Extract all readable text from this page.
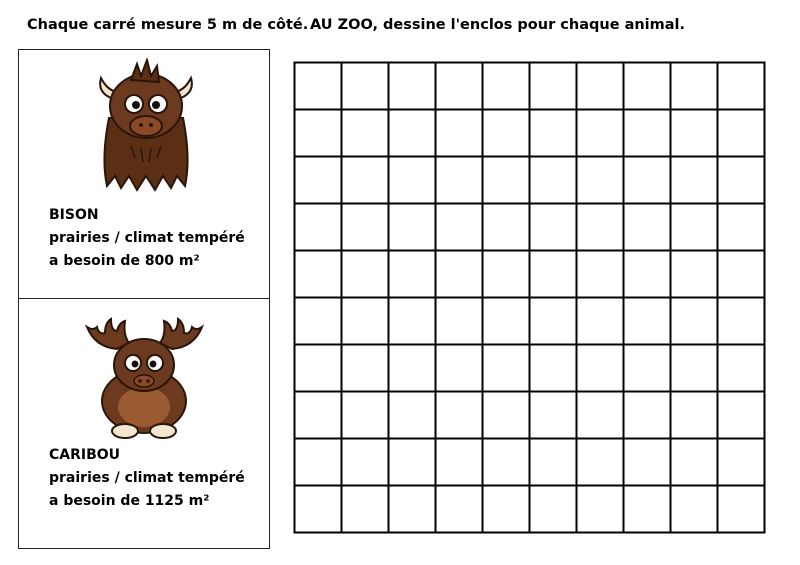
Chaque carré mesure 5 m de côté. AU ZOO, dessine l'enclos pour chaque animal.
BISON
prairies / climat tempéré
a besoin de 800 m²
CARIBOU
prairies / climat tempéré
a besoin de 1125 m²
